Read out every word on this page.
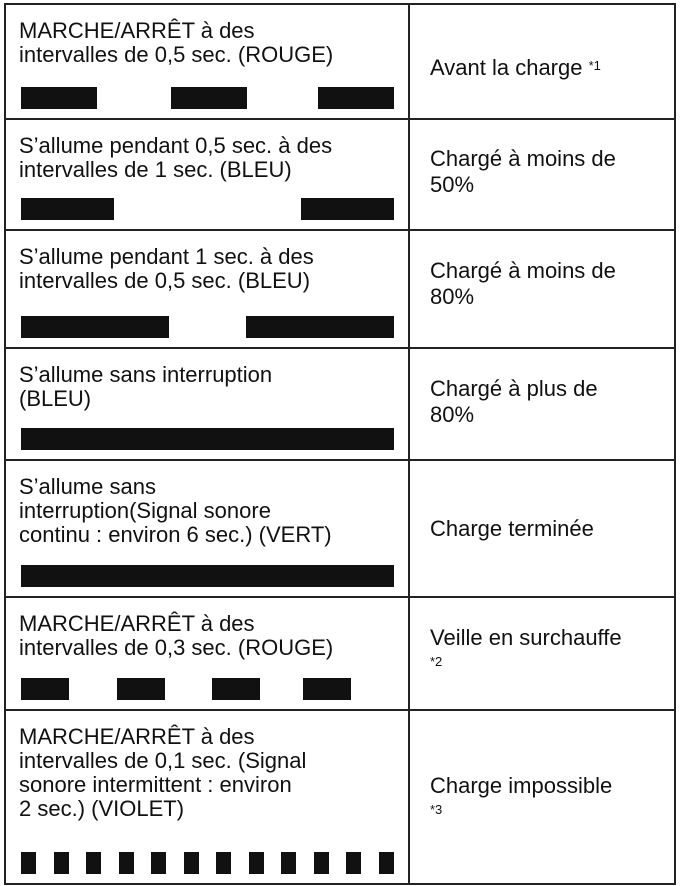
MARCHE/ARRÊT à des
intervalles de 0,5 sec. (ROUGE)	Avant la charge $^{*1}$

S’allume pendant 0,5 sec. à des
intervalles de 1 sec. (BLEU)	Chargé à moins de
50%

S’allume pendant 1 sec. à des
intervalles de 0,5 sec. (BLEU)	Chargé à moins de
80%

S’allume sans interruption
(BLEU)	Chargé à plus de
80%

S’allume sans
interruption(Signal sonore
continu : environ 6 sec.) (VERT)	Charge terminée

MARCHE/ARRÊT à des
intervalles de 0,3 sec. (ROUGE)	Veille en surchauffe
$^{*2}$

MARCHE/ARRÊT à des
intervalles de 0,1 sec. (Signal
sonore intermittent : environ
2 sec.) (VIOLET)	Charge impossible
$^{*3}$
